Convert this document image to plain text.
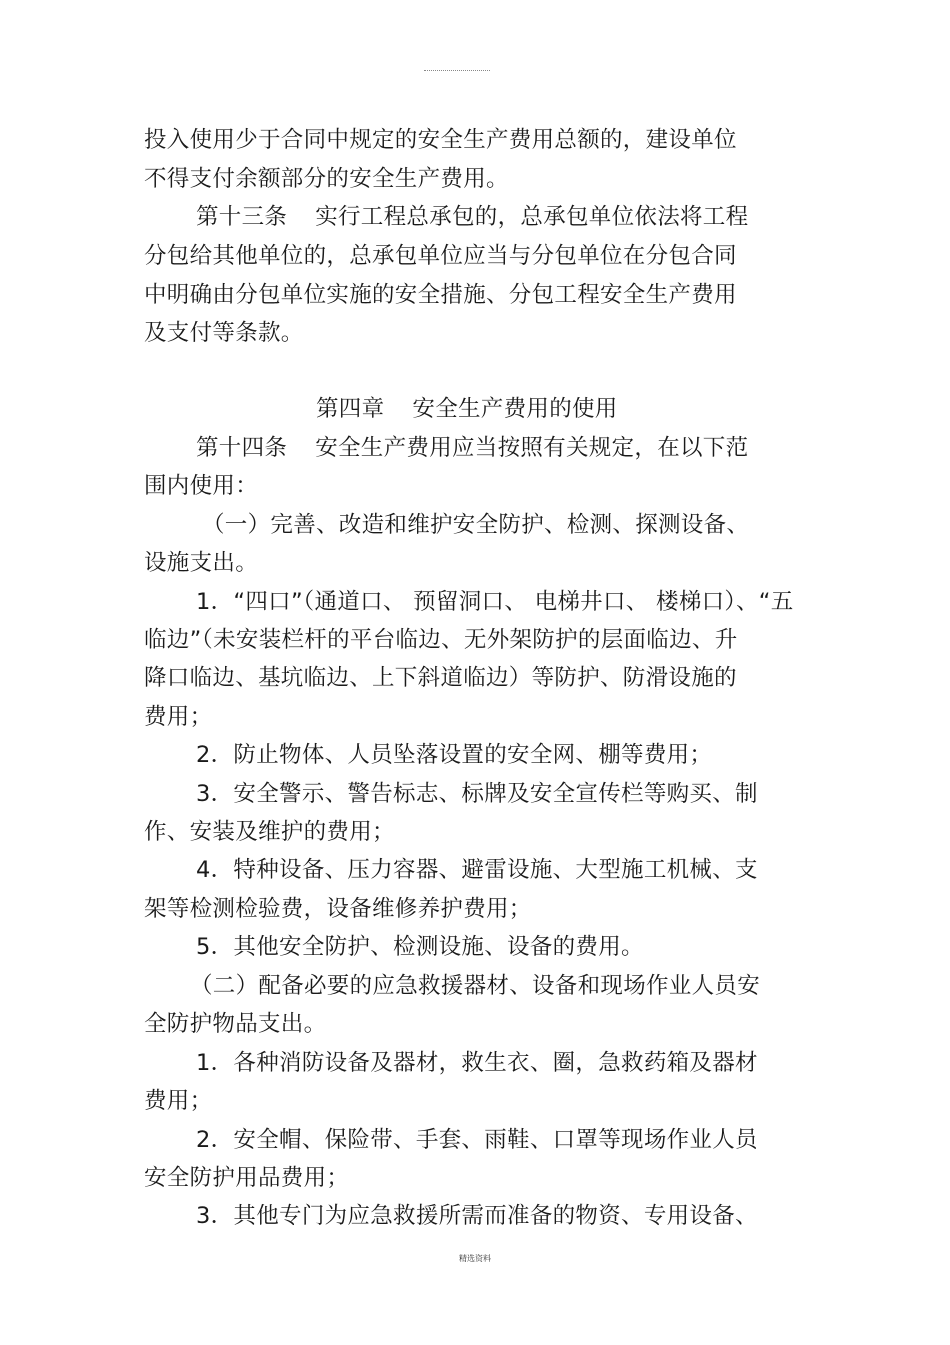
投入使用少于合同中规定的安全生产费用总额的，建设单位

不得支付余额部分的安全生产费用。

第十三条 实行工程总承包的，总承包单位依法将工程

分包给其他单位的，总承包单位应当与分包单位在分包合同

中明确由分包单位实施的安全措施、分包工程安全生产费用

及支付等条款。

第四章 安全生产费用的使用

第十四条 安全生产费用应当按照有关规定，在以下范

围内使用：

（一）完善、改造和维护安全防护、检测、探测设备、

设施支出。

1．“四口”（通道口、 预留洞口、 电梯井口、 楼梯口）、“五

临边”（未安装栏杆的平台临边、无外架防护的层面临边、升

降口临边、基坑临边、上下斜道临边）等防护、防滑设施的

费用；

2．防止物体、人员坠落设置的安全网、棚等费用；

3．安全警示、警告标志、标牌及安全宣传栏等购买、制

作、安装及维护的费用；

4．特种设备、压力容器、避雷设施、大型施工机械、支

架等检测检验费，设备维修养护费用；

5．其他安全防护、检测设施、设备的费用。

（二）配备必要的应急救援器材、设备和现场作业人员安

全防护物品支出。

1．各种消防设备及器材，救生衣、圈，急救药箱及器材

费用；

2．安全帽、保险带、手套、雨鞋、口罩等现场作业人员

安全防护用品费用；

3．其他专门为应急救援所需而准备的物资、专用设备、

精选资料
